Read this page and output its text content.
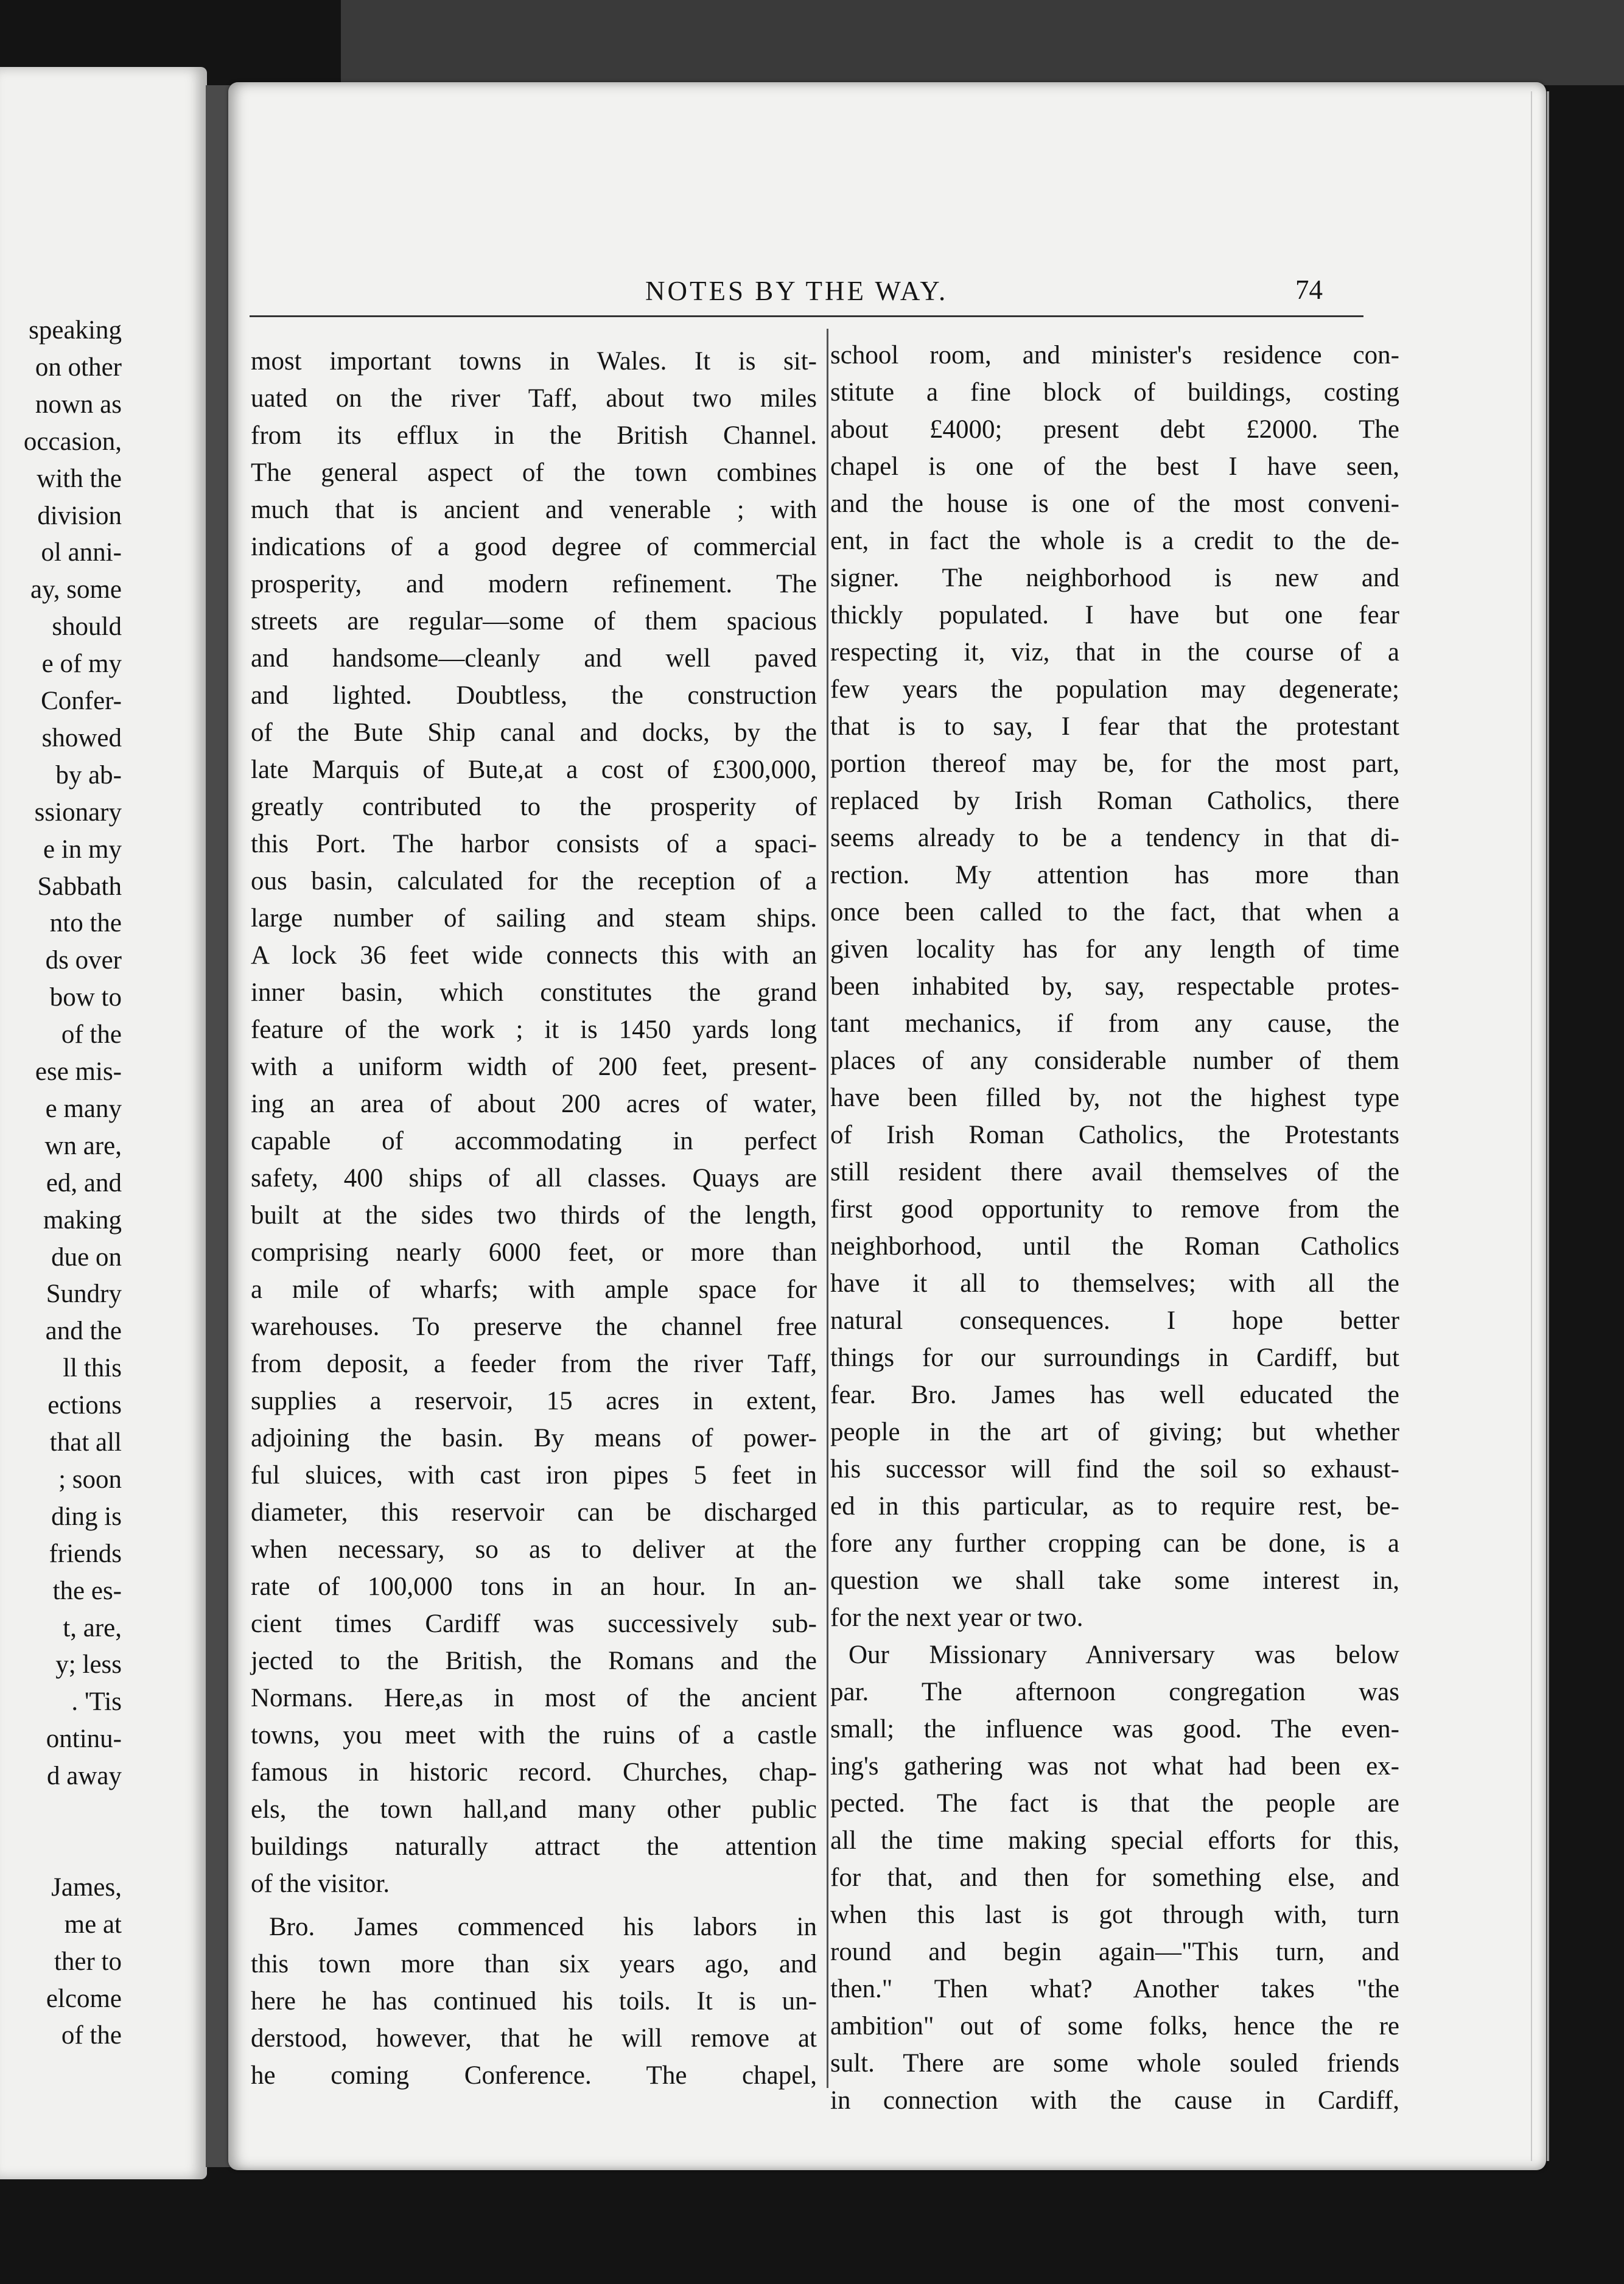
speaking
on other
nown as
occasion,
with the
division
ol anni-
ay, some
should
e of my
Confer-
showed
by ab-
ssionary
e in my
Sabbath
nto the
ds over
bow to
of the
ese mis-
e many
wn are,
ed, and
making
due on
Sundry
and the
ll this
ections
that all
; soon
ding is
friends
the es-
t, are,
y; less
. 'Tis
ontinu-
d away
James,
me at
ther to
elcome
of the
NOTES BY THE WAY.	74
most important towns in Wales. It is sit-
uated on the river Taff, about two miles
from its efflux in the British Channel.
The general aspect of the town combines
much that is ancient and venerable ; with
indications of a good degree of commercial
prosperity, and modern refinement. The
streets are regular—some of them spacious
and handsome—cleanly and well paved
and lighted. Doubtless, the construction
of the Bute Ship canal and docks, by the
late Marquis of Bute,at a cost of £300,000,
greatly contributed to the prosperity of
this Port. The harbor consists of a spaci-
ous basin, calculated for the reception of a
large number of sailing and steam ships.
A lock 36 feet wide connects this with an
inner basin, which constitutes the grand
feature of the work ; it is 1450 yards long
with a uniform width of 200 feet, present-
ing an area of about 200 acres of water,
capable of accommodating in perfect
safety, 400 ships of all classes. Quays are
built at the sides two thirds of the length,
comprising nearly 6000 feet, or more than
a mile of wharfs; with ample space for
warehouses. To preserve the channel free
from deposit, a feeder from the river Taff,
supplies a reservoir, 15 acres in extent,
adjoining the basin. By means of power-
ful sluices, with cast iron pipes 5 feet in
diameter, this reservoir can be discharged
when necessary, so as to deliver at the
rate of 100,000 tons in an hour. In an-
cient times Cardiff was successively sub-
jected to the British, the Romans and the
Normans. Here,as in most of the ancient
towns, you meet with the ruins of a castle
famous in historic record. Churches, chap-
els, the town hall,and many other public
buildings naturally attract the attention
of the visitor.
Bro. James commenced his labors in
this town more than six years ago, and
here he has continued his toils. It is un-
derstood, however, that he will remove at
he coming Conference. The chapel,
school room, and minister's residence con-
stitute a fine block of buildings, costing
about £4000; present debt £2000. The
chapel is one of the best I have seen,
and the house is one of the most conveni-
ent, in fact the whole is a credit to the de-
signer. The neighborhood is new and
thickly populated. I have but one fear
respecting it, viz, that in the course of a
few years the population may degenerate;
that is to say, I fear that the protestant
portion thereof may be, for the most part,
replaced by Irish Roman Catholics, there
seems already to be a tendency in that di-
rection. My attention has more than
once been called to the fact, that when a
given locality has for any length of time
been inhabited by, say, respectable protes-
tant mechanics, if from any cause, the
places of any considerable number of them
have been filled by, not the highest type
of Irish Roman Catholics, the Protestants
still resident there avail themselves of the
first good opportunity to remove from the
neighborhood, until the Roman Catholics
have it all to themselves; with all the
natural consequences. I hope better
things for our surroundings in Cardiff, but
fear. Bro. James has well educated the
people in the art of giving; but whether
his successor will find the soil so exhaust-
ed in this particular, as to require rest, be-
fore any further cropping can be done, is a
question we shall take some interest in,
for the next year or two.
Our Missionary Anniversary was below
par. The afternoon congregation was
small; the influence was good. The even-
ing's gathering was not what had been ex-
pected. The fact is that the people are
all the time making special efforts for this,
for that, and then for something else, and
when this last is got through with, turn
round and begin again—"This turn, and
then." Then what? Another takes "the
ambition" out of some folks, hence the re
sult. There are some whole souled friends
in connection with the cause in Cardiff,
